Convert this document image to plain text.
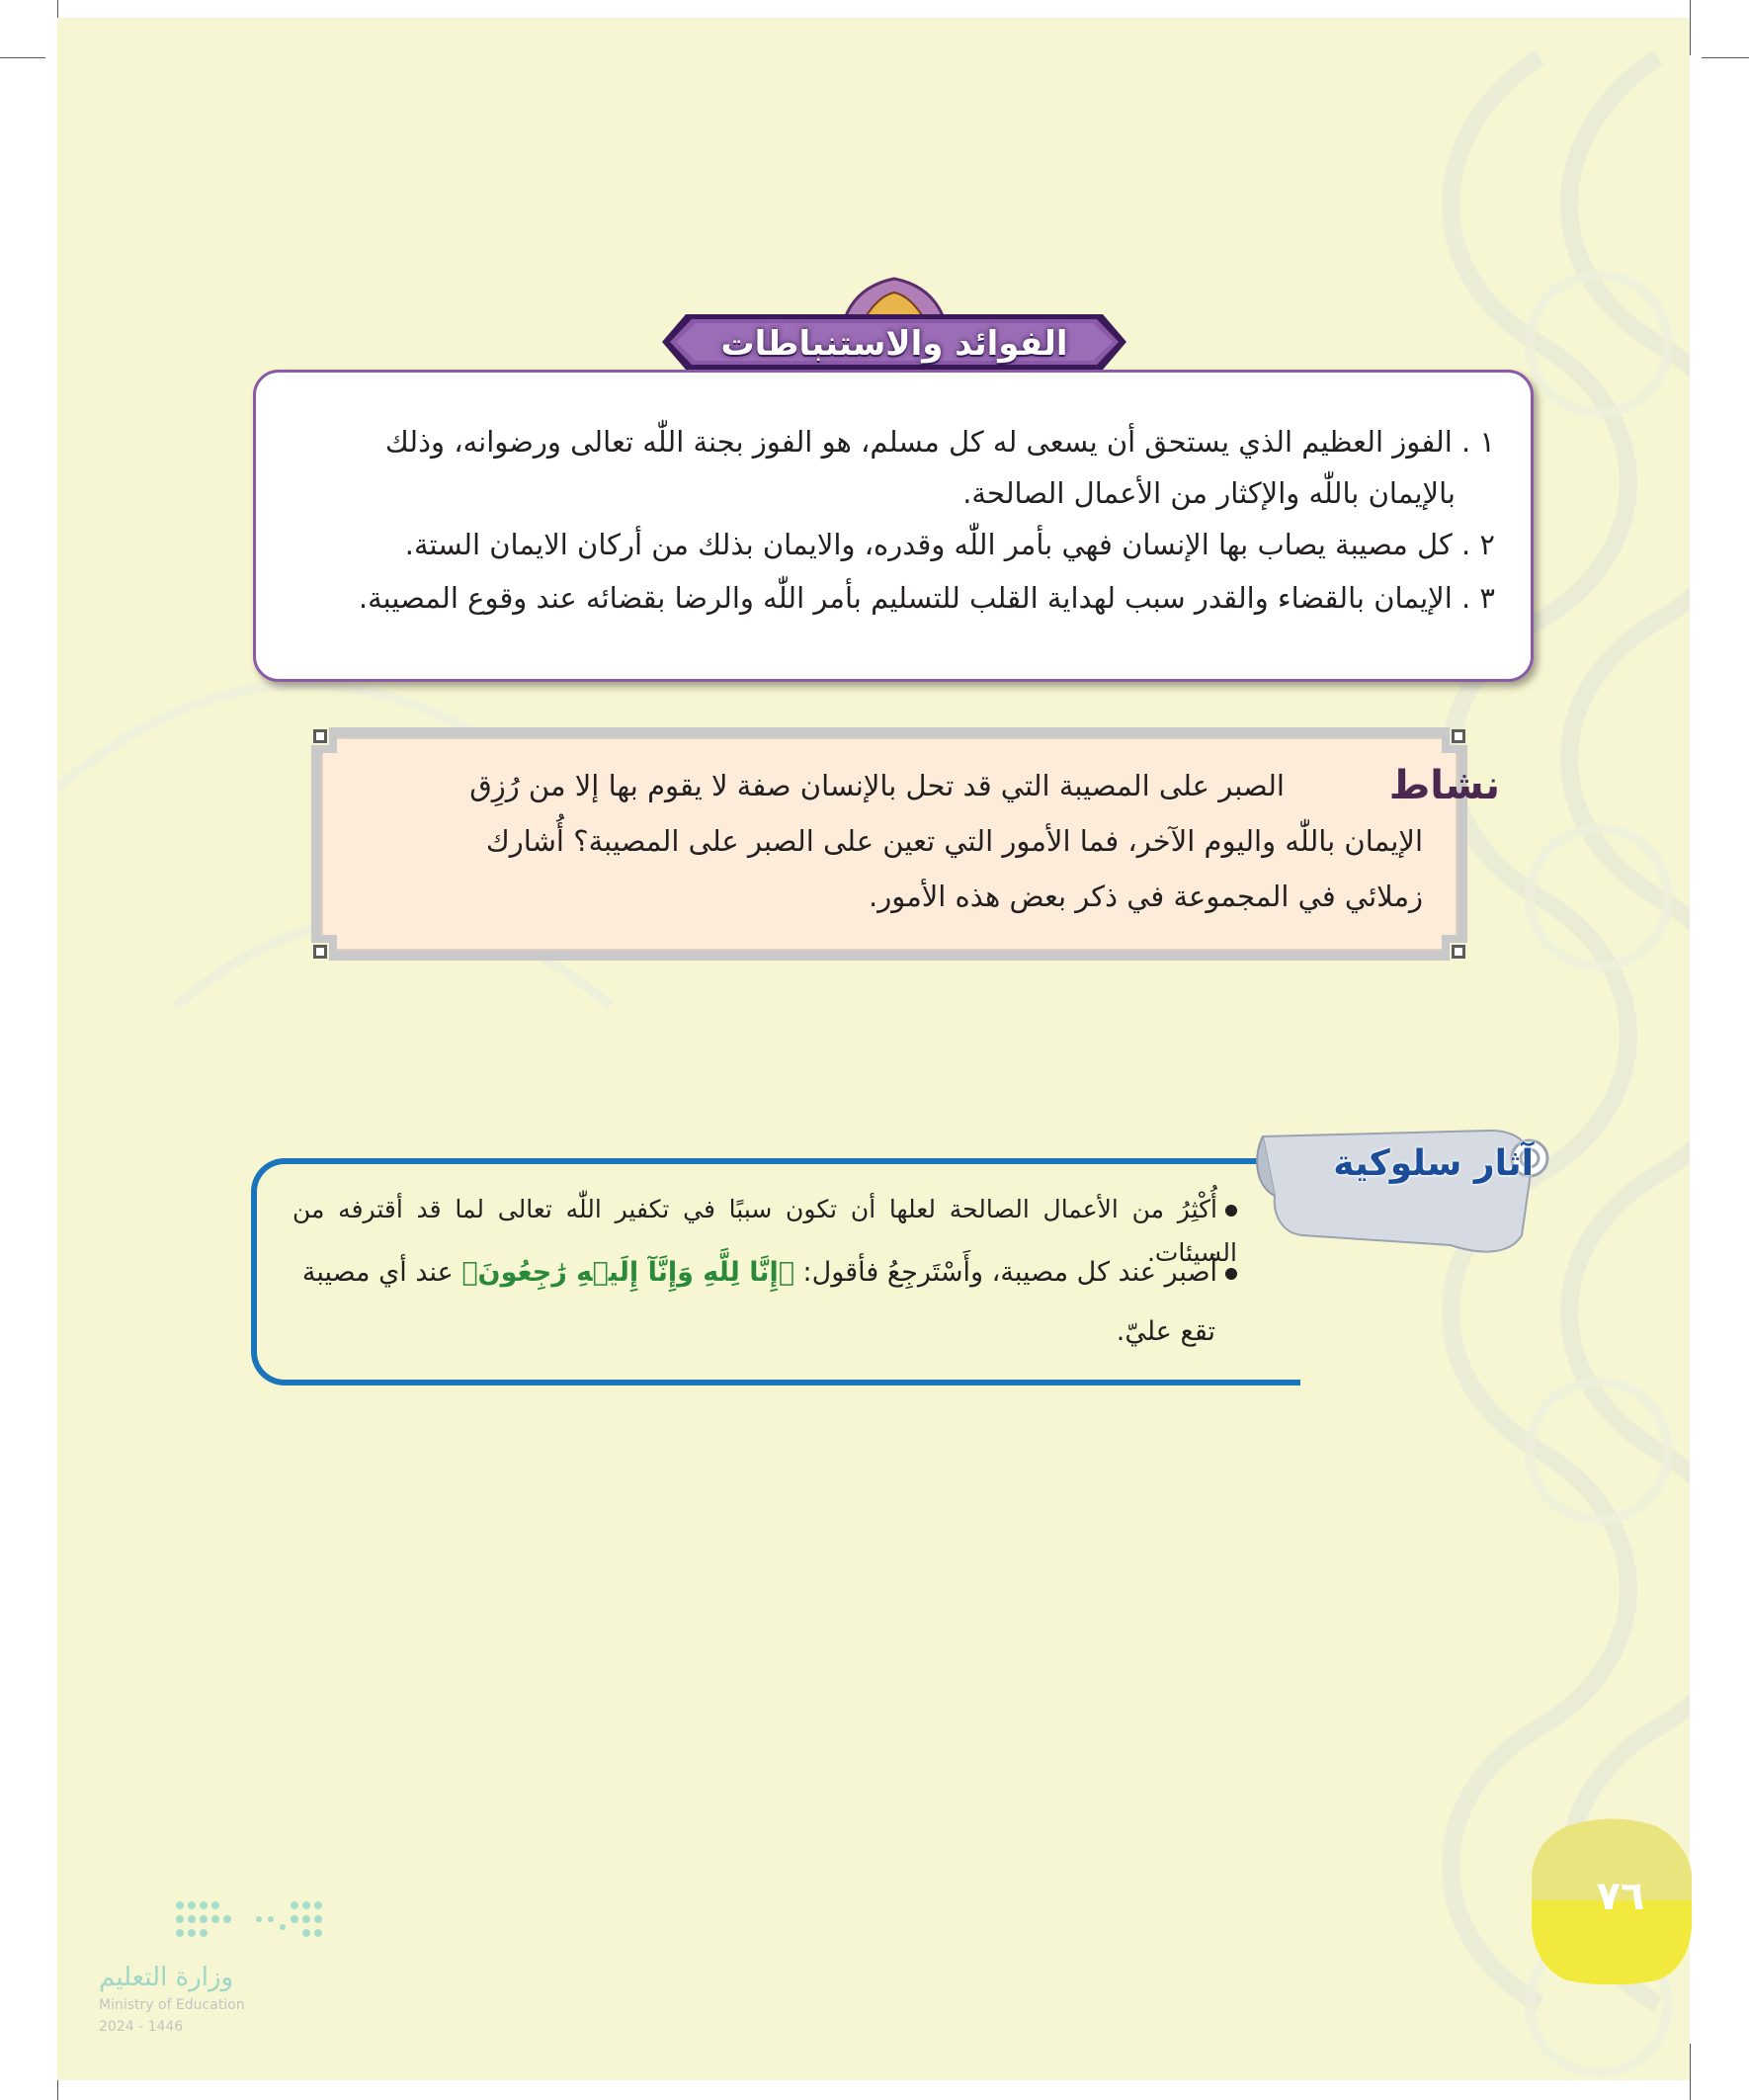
الفوائد والاستنباطات
١ . الفوز العظيم الذي يستحق أن يسعى له كل مسلم، هو الفوز بجنة اللّٰه تعالى ورضوانه، وذلك
بالإيمان باللّٰه والإكثار من الأعمال الصالحة.
٢ . كل مصيبة يصاب بها الإنسان فهي بأمر اللّٰه وقدره، والايمان بذلك من أركان الايمان الستة.
٣ . الإيمان بالقضاء والقدر سبب لهداية القلب للتسليم بأمر اللّٰه والرضا بقضائه عند وقوع المصيبة.
نشاط
الصبر على المصيبة التي قد تحل بالإنسان صفة لا يقوم بها إلا من رُزِق
الإيمان باللّٰه واليوم الآخر، فما الأمور التي تعين على الصبر على المصيبة؟ أُشارك
زملائي في المجموعة في ذكر بعض هذه الأمور.
آثار سلوكية
أُكْثِرُ من الأعمال الصالحة لعلها أن تكون سببًا في تكفير اللّٰه تعالى لما قد أقترفه من السيئات.
أصبر عند كل مصيبة، وأَسْتَرجِعُ فأقول: ﴿إِنَّا لِلَّهِ وَإِنَّآ إِلَيۡهِ رَٰجِعُونَ﴾ عند أي مصيبة
تقع عليّ.
٧٦
وزارة التعليم
Ministry of Education
2024 - 1446
